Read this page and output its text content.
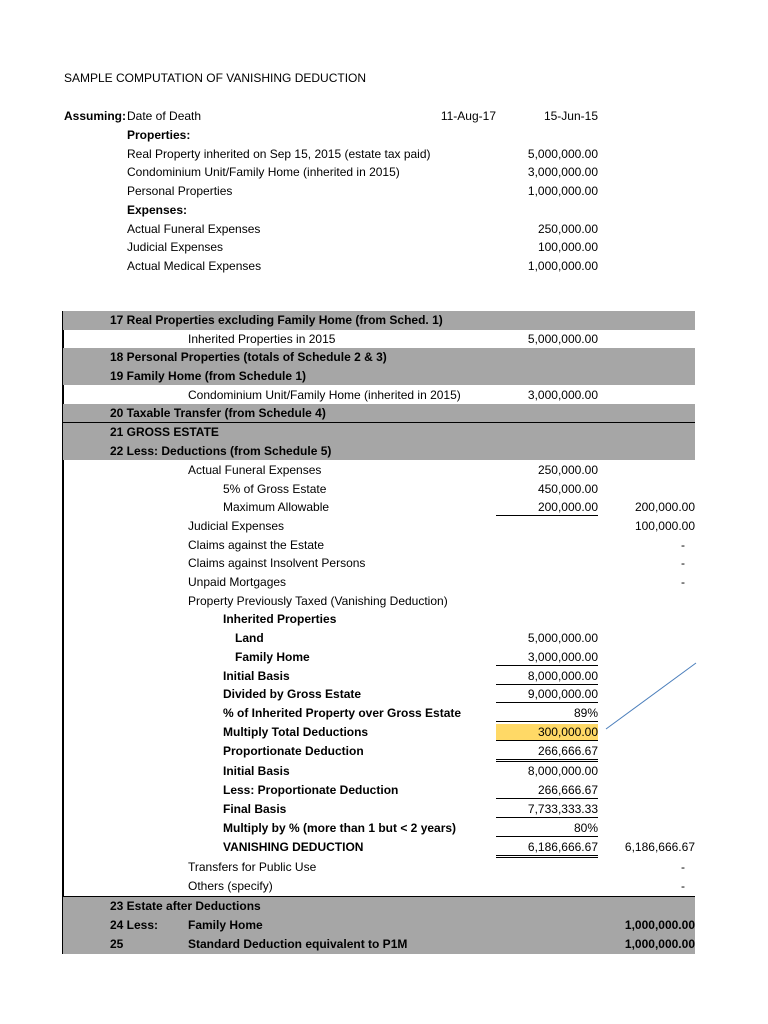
SAMPLE COMPUTATION OF VANISHING DEDUCTION
Assuming: Date of Death	11-Aug-17	15-Jun-15
Properties:
Real Property inherited on Sep 15, 2015 (estate tax paid)	5,000,000.00
Condominium Unit/Family Home (inherited in 2015)	3,000,000.00
Personal Properties	1,000,000.00
Expenses:
Actual Funeral Expenses	250,000.00
Judicial Expenses	100,000.00
Actual Medical Expenses	1,000,000.00
17 Real Properties excluding Family Home (from Sched. 1)
Inherited Properties in 2015	5,000,000.00
18 Personal Properties (totals of Schedule 2 & 3)
19 Family Home (from Schedule 1)
Condominium Unit/Family Home (inherited in 2015)	3,000,000.00
20 Taxable Transfer (from Schedule 4)
21 GROSS ESTATE
22 Less: Deductions (from Schedule 5)
Actual Funeral Expenses	250,000.00
5% of Gross Estate	450,000.00
Maximum Allowable	200,000.00	200,000.00
Judicial Expenses	100,000.00
Claims against the Estate	-
Claims against Insolvent Persons	-
Unpaid Mortgages	-
Property Previously Taxed (Vanishing Deduction)
Inherited Properties
Land	5,000,000.00
Family Home	3,000,000.00
Initial Basis	8,000,000.00
Divided by Gross Estate	9,000,000.00
% of Inherited Property over Gross Estate	89%
Multiply Total Deductions	300,000.00
Proportionate Deduction	266,666.67
Initial Basis	8,000,000.00
Less: Proportionate Deduction	266,666.67
Final Basis	7,733,333.33
Multiply by % (more than 1 but < 2 years)	80%
VANISHING DEDUCTION	6,186,666.67	6,186,666.67
Transfers for Public Use	-
Others (specify)	-
23 Estate after Deductions
24 Less: Family Home	1,000,000.00
25	Standard Deduction equivalent to P1M	1,000,000.00
